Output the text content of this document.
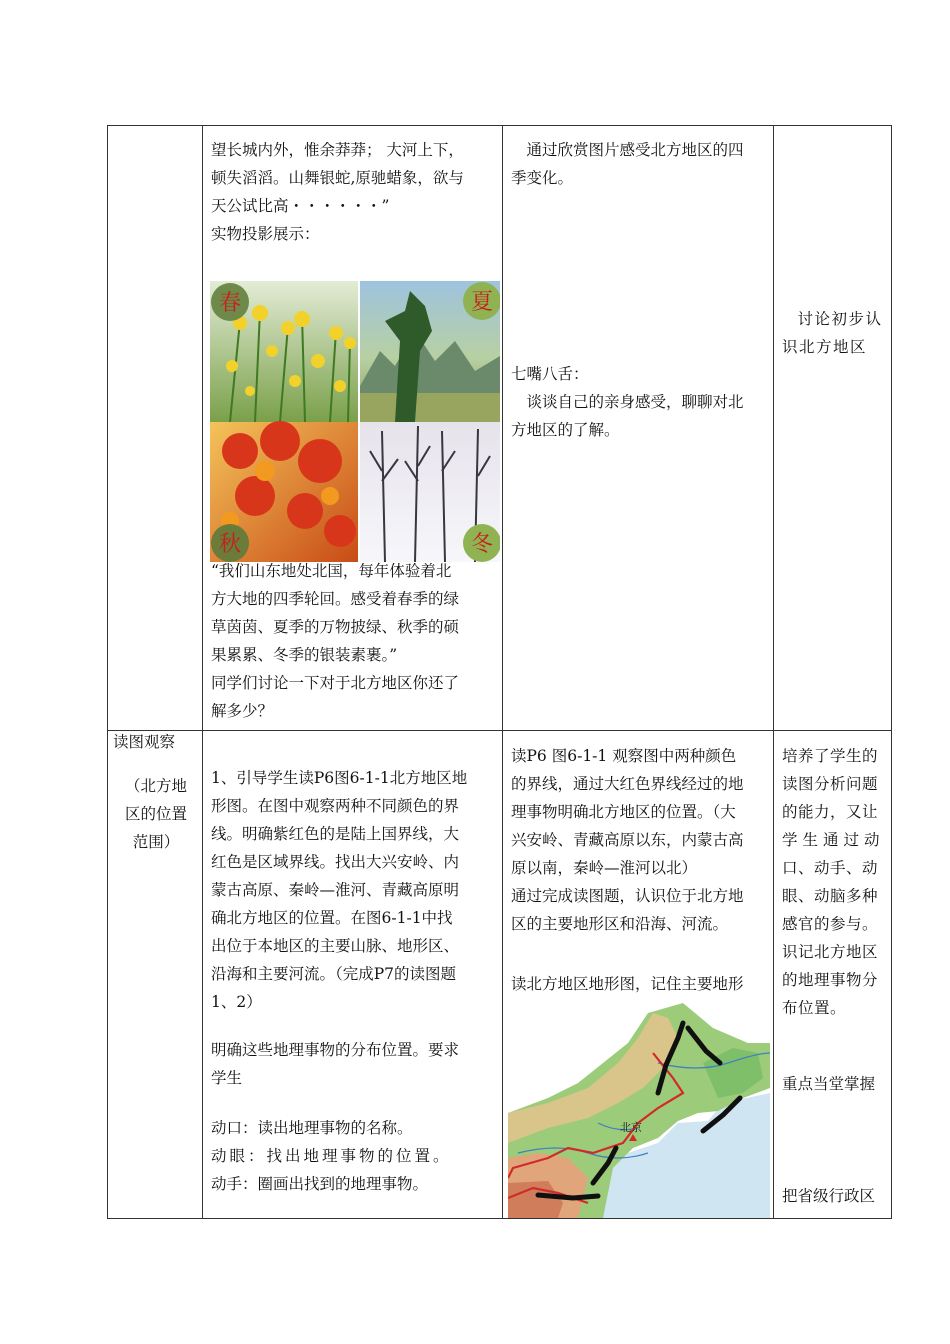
望长城内外，惟余莽莽； 大河上下，

顿失滔滔。山舞银蛇,原驰蜡象，欲与

天公试比高・・・・・・”

实物投影展示：

春	夏
秋	冬

“我们山东地处北国，每年体验着北

方大地的四季轮回。感受着春季的绿

草茵茵、夏季的万物披绿、秋季的硕

果累累、冬季的银装素裹。”

同学们讨论一下对于北方地区你还了

解多少？

通过欣赏图片感受北方地区的四

季变化。

七嘴八舌：

谈谈自己的亲身感受，聊聊对北

方地区的了解。

讨论初步认

识北方地区

读图观察

（北方地

区的位置

范围）

1、引导学生读P6图6-1-1北方地区地

形图。在图中观察两种不同颜色的界

线。明确紫红色的是陆上国界线，大

红色是区域界线。找出大兴安岭、内

蒙古高原、秦岭—淮河、青藏高原明

确北方地区的位置。在图6-1-1中找

出位于本地区的主要山脉、地形区、

沿海和主要河流。（完成P7的读图题

1、2）

明确这些地理事物的分布位置。要求

学生

动口：读出地理事物的名称。

动眼：找出地理事物的位置。

动手：圈画出找到的地理事物。

读P6 图6-1-1 观察图中两种颜色

的界线，通过大红色界线经过的地

理事物明确北方地区的位置。（大

兴安岭、青藏高原以东，内蒙古高

原以南，秦岭—淮河以北）

通过完成读图题，认识位于北方地

区的主要地形区和沿海、河流。

读北方地区地形图，记住主要地形

北京

培养了学生的

读图分析问题

的能力，又让

学生通过动

口、动手、动

眼、动脑多种

感官的参与。

识记北方地区

的地理事物分

布位置。

重点当堂掌握

把省级行政区
